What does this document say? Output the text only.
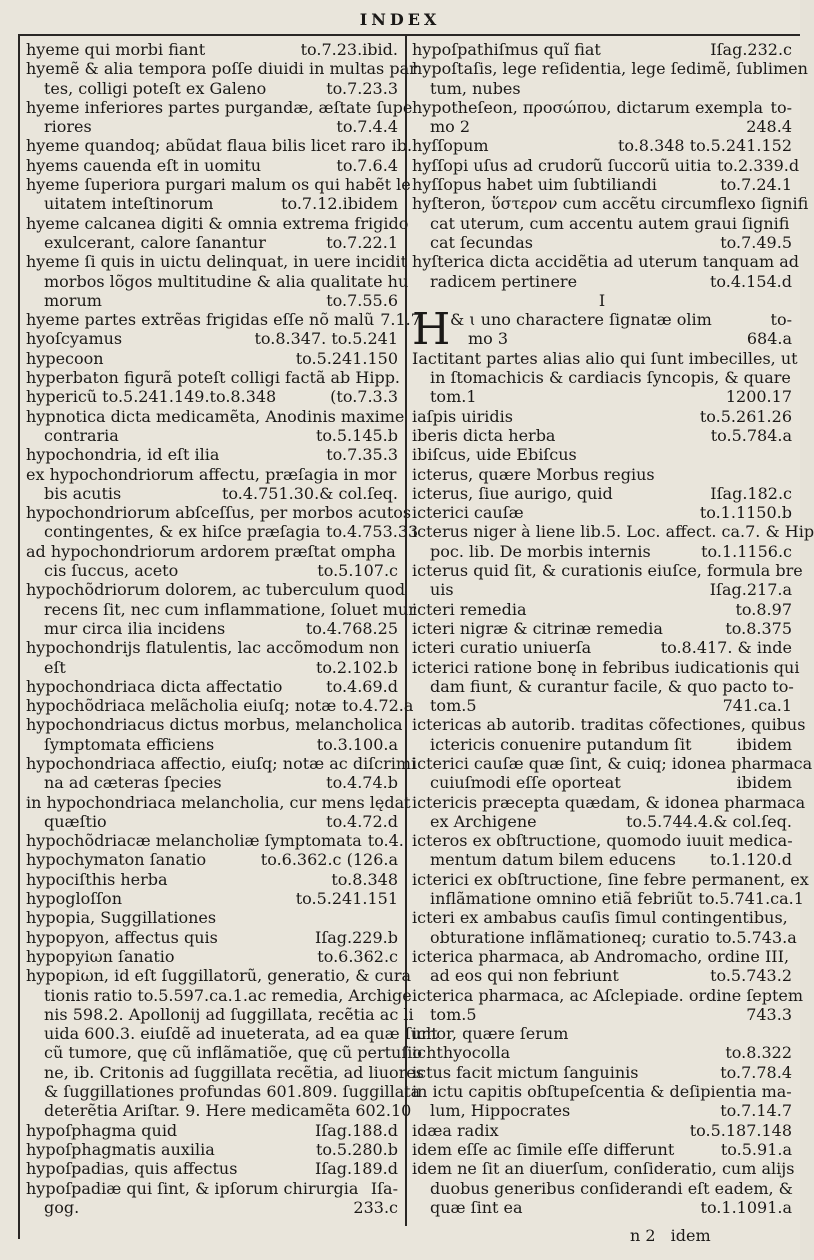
INDEX
hyeme qui morbi fiant	to.7.23.ibid.
hyemẽ & alia tempora poſſe diuidi in multas par
tes, colligi poteſt ex Galeno	to.7.23.3
hyeme inferiores partes purgandæ, æſtate ſupe
riores	to.7.4.4
hyeme quandoq; abũdat flaua bilis licet raro ib.
hyems cauenda eſt in uomitu	to.7.6.4
hyeme ſuperiora purgari malum os qui habẽt le
uitatem inteſtinorum	to.7.12.ibidem
hyeme calcanea digiti & omnia extrema frigido
exulcerant, calore ſanantur	to.7.22.1
hyeme ſi quis in uictu delinquat, in uere incidit
morbos lõgos multitudine & alia qualitate hu
morum	to.7.55.6
hyeme partes extrẽas frigidas eſſe nõ malũ 7.1.7
hyoſcyamus	to.8.347. to.5.241
hypecoon	to.5.241.150
hyperbaton figurã poteſt colligi factã ab Hipp.
hypericũ to.5.241.149.to.8.348	(to.7.3.3
hypnotica dicta medicamẽta, Anodinis maxime
contraria	to.5.145.b
hypochondria, id eſt ilia	to.7.35.3
ex hypochondriorum affectu, præſagia in mor
bis acutis	to.4.751.30.& col.ſeq.
hypochondriorum abſceſſus, per morbos acutos
contingentes, & ex hiſce præſagia to.4.753.33
ad hypochondriorum ardorem præſtat ompha
cis ſuccus, aceto	to.5.107.c
hypochõdriorum dolorem, ac tuberculum quod
recens ſit, nec cum inflammatione, ſoluet mur
mur circa ilia incidens	to.4.768.25
hypochondrijs flatulentis, lac accõmodum non
eſt	to.2.102.b
hypochondriaca dicta affectatio	to.4.69.d
hypochõdriaca melãcholia eiuſq; notæ to.4.72.a
hypochondriacus dictus morbus, melancholica
ſymptomata efficiens	to.3.100.a
hypochondriaca affectio, eiuſq; notæ ac diſcrimi
na ad cæteras ſpecies	to.4.74.b
in hypochondriaca melancholia, cur mens lędat
quæſtio	to.4.72.d
hypochõdriacæ melancholiæ ſymptomata to.4.
hypochymaton ſanatio	to.6.362.c (126.a
hypociſthis herba	to.8.348
hypogloſſon	to.5.241.151
hypopia, Suggillationes
hypopyon, affectus quis	Iſag.229.b
hypopyiωn ſanatio	to.6.362.c
hypopiωn, id eſt ſuggillatorũ, generatio, & cura
tionis ratio to.5.597.ca.1.ac remedia, Archige
nis 598.2. Apollonij ad ſuggillata, recẽtia ac li
uida 600.3. eiuſdẽ ad inueterata, ad ea quæ ſunt
cũ tumore, quę cũ inflãmatiõe, quę cũ pertuſio
ne, ib. Critonis ad ſuggillata recẽtia, ad liuores
& ſuggillationes profundas 601.809. ſuggillata
deterẽtia Ariſtar. 9. Here medicamẽta 602.10
hypoſphagma quid	Iſag.188.d
hypoſphagmatis auxilia	to.5.280.b
hypoſpadias, quis affectus	Iſag.189.d
hypoſpadiæ qui ſint, & ipſorum chirurgia Iſa-
gog.	233.c
hypoſpathiſmus quĩ fiat	Iſag.232.c
hypoſtaſis, lege reſidentia, lege ſedimẽ, ſublimen
tum, nubes
hypotheſeon, προσώπου, dictarum exempla to-
mo 2	248.4
hyſſopum	to.8.348 to.5.241.152
hyſſopi uſus ad crudorũ ſuccorũ uitia to.2.339.d
hyſſopus habet uim ſubtiliandi	to.7.24.1
hyſteron, ὕστερον cum accẽtu circumflexo ſignifi
cat uterum, cum accentu autem graui ſignifi
cat ſecundas	to.7.49.5
hyſterica dicta accidẽtia ad uterum tanquam ad
radicem pertinere	to.4.154.d
I
H & ɩ uno charactere ſignatæ olim	to-
mo 3	684.a
Iactitant partes alias alio qui ſunt imbecilles, ut
in ſtomachicis & cardiacis ſyncopis, & quare
tom.1	1200.17
iaſpis uiridis	to.5.261.26
iberis dicta herba	to.5.784.a
ibiſcus, uide Ebiſcus
icterus, quære Morbus regius
icterus, ſiue aurigo, quid	Iſag.182.c
icterici cauſæ	to.1.1150.b
icterus niger à liene lib.5. Loc. affect. ca.7. & Hip
poc. lib. De morbis internis	to.1.1156.c
icterus quid ſit, & curationis eiuſce, formula bre
uis	Iſag.217.a
icteri remedia	to.8.97
icteri nigræ & citrinæ remedia	to.8.375
icteri curatio uniuerſa	to.8.417. & inde
icterici ratione bonę in febribus iudicationis qui
dam fiunt, & curantur facile, & quo pacto to-
tom.5	741.ca.1
ictericas ab autorib. traditas cõfectiones, quibus
ictericis conuenire putandum ſit	ibidem
icterici cauſæ quæ ſint, & cuiq; idonea pharmaca
cuiuſmodi eſſe oporteat	ibidem
ictericis præcepta quædam, & idonea pharmaca
ex Archigene	to.5.744.4.& col.ſeq.
icteros ex obſtructione, quomodo iuuit medica-
mentum datum bilem educens	to.1.120.d
icterici ex obſtructione, ſine febre permanent, ex
inflãmatione omnino etiã febriũt to.5.741.ca.1
icteri ex ambabus cauſis ſimul contingentibus,
obturatione inflãmationeq; curatio to.5.743.a
icterica pharmaca, ab Andromacho, ordine III,
ad eos qui non febriunt	to.5.743.2
icterica pharmaca, ac Aſclepiade. ordine ſeptem
tom.5	743.3
ichor, quære ſerum
ichthyocolla	to.8.322
ictus facit mictum ſanguinis	to.7.78.4
in ictu capitis obſtupeſcentia & deſipientia ma-
lum, Hippocrates	to.7.14.7
idæa radix	to.5.187.148
idem eſſe ac ſimile eſſe differunt	to.5.91.a
idem ne ſit an diuerſum, conſideratio, cum alijs
duobus generibus conſiderandi eſt eadem, &
quæ ſint ea	to.1.1091.a
n 2 idem
